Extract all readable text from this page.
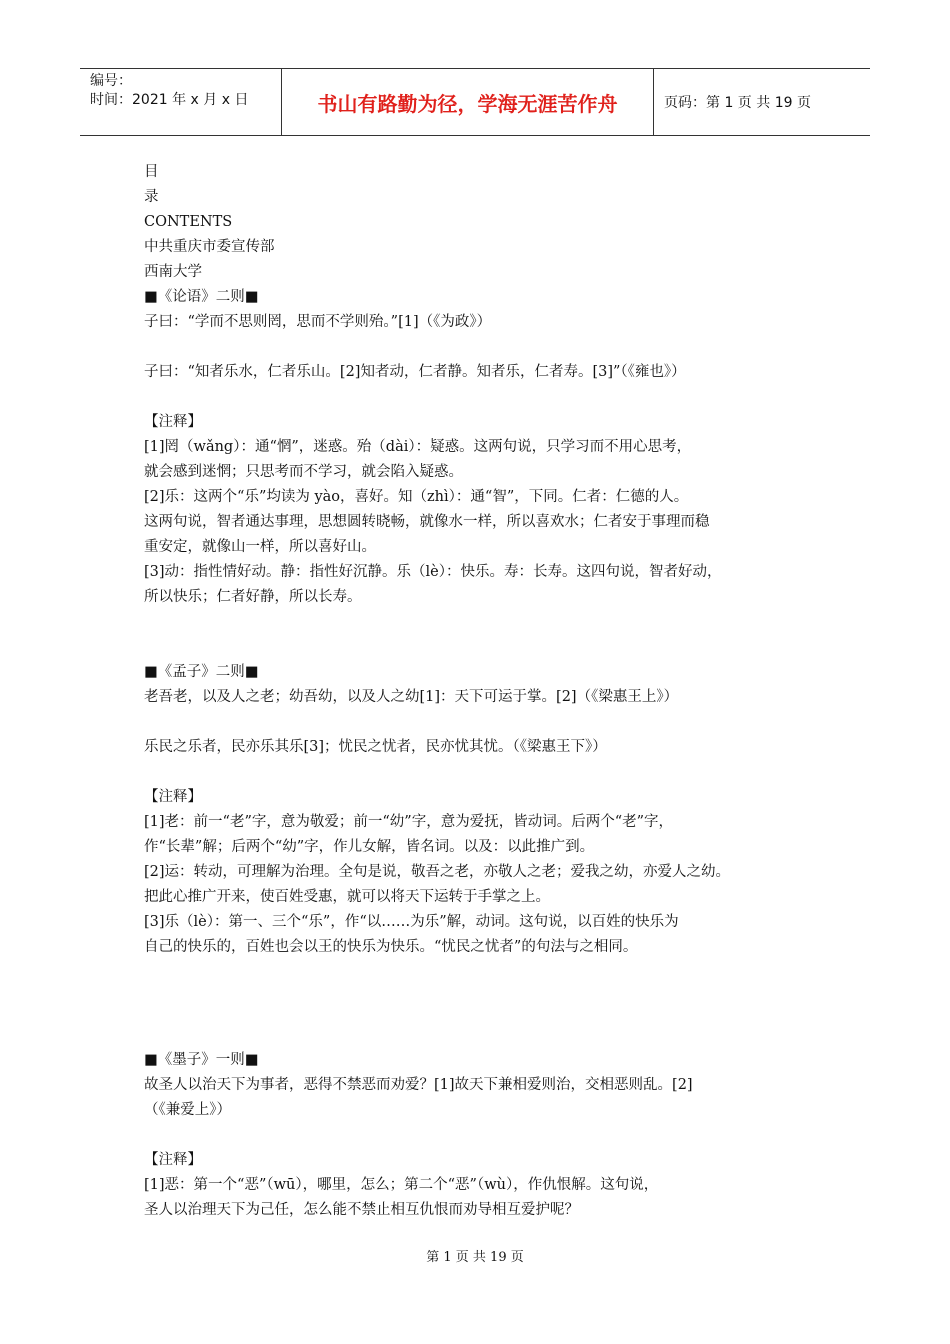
编号：
时间：2021 年 x 月 x 日	书山有路勤为径，学海无涯苦作舟	页码：第 1 页 共 19 页

目

录

CONTENTS

中共重庆市委宣传部

西南大学

■《论语》二则■

子曰：“学而不思则罔，思而不学则殆。”[1]（《为政》）

子曰：“知者乐水，仁者乐山。[2]知者动，仁者静。知者乐，仁者寿。[3]”（《雍也》）

【注释】

[1]罔（wǎng）：通“惘”，迷惑。殆（dài）：疑惑。这两句说，只学习而不用心思考，

就会感到迷惘；只思考而不学习，就会陷入疑惑。

[2]乐：这两个“乐”均读为 yào，喜好。知（zhì）：通“智”，下同。仁者：仁德的人。

这两句说，智者通达事理，思想圆转晓畅，就像水一样，所以喜欢水；仁者安于事理而稳

重安定，就像山一样，所以喜好山。

[3]动：指性情好动。静：指性好沉静。乐（lè）：快乐。寿：长寿。这四句说，智者好动，

所以快乐；仁者好静，所以长寿。

■《孟子》二则■

老吾老，以及人之老；幼吾幼，以及人之幼[1]：天下可运于掌。[2]（《梁惠王上》）

乐民之乐者，民亦乐其乐[3]；忧民之忧者，民亦忧其忧。（《梁惠王下》）

【注释】

[1]老：前一“老”字，意为敬爱；前一“幼”字，意为爱抚，皆动词。后两个“老”字，

作“长辈”解；后两个“幼”字，作儿女解，皆名词。以及：以此推广到。

[2]运：转动，可理解为治理。全句是说，敬吾之老，亦敬人之老；爱我之幼，亦爱人之幼。

把此心推广开来，使百姓受惠，就可以将天下运转于手掌之上。

[3]乐（lè）：第一、三个“乐”，作“以……为乐”解，动词。这句说，以百姓的快乐为

自己的快乐的，百姓也会以王的快乐为快乐。“忧民之忧者”的句法与之相同。

■《墨子》一则■

故圣人以治天下为事者，恶得不禁恶而劝爱？[1]故天下兼相爱则治，交相恶则乱。[2]

（《兼爱上》）

【注释】

[1]恶：第一个“恶”（wū），哪里，怎么；第二个“恶”（wù），作仇恨解。这句说，

圣人以治理天下为己任，怎么能不禁止相互仇恨而劝导相互爱护呢？

第 1 页 共 19 页
